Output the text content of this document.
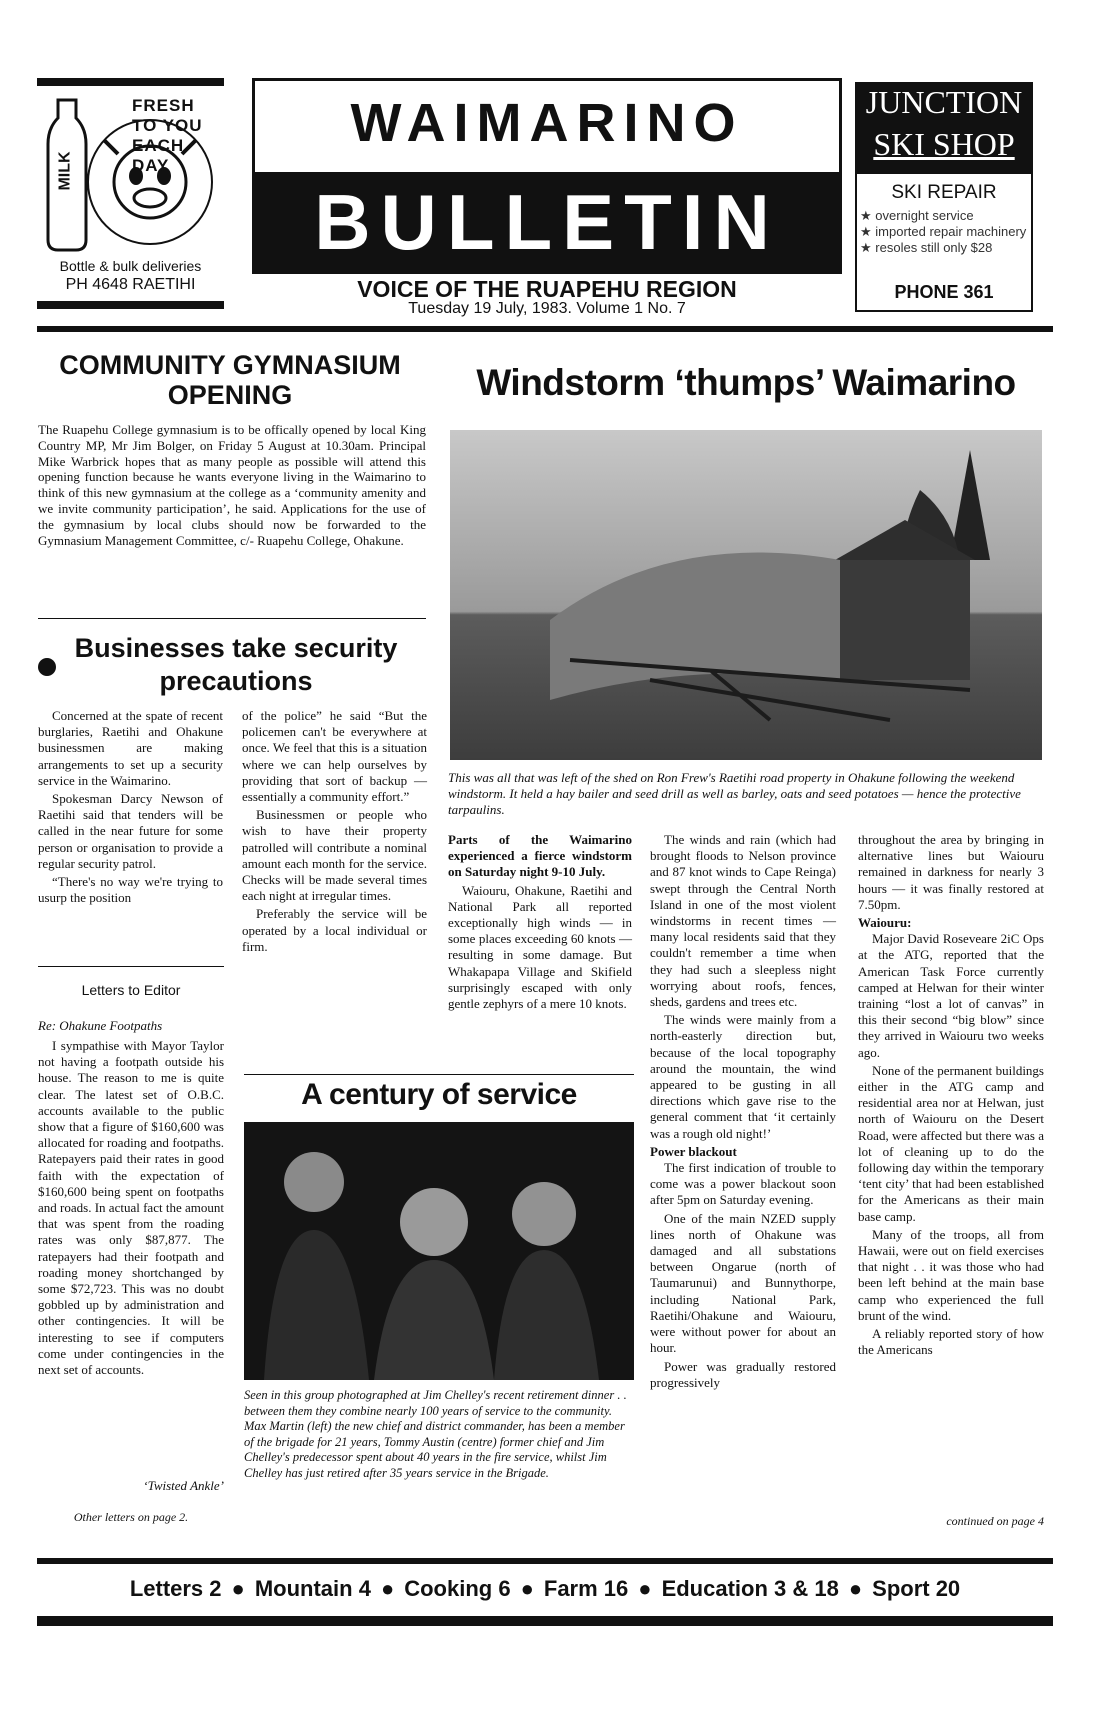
FRESH TO YOU EACH DAY
MILK
Bottle & bulk deliveries
PH 4648 RAETIHI
WAIMARINO
BULLETIN
VOICE OF THE RUAPEHU REGION
Tuesday 19 July, 1983. Volume 1 No. 7
JUNCTION
SKI SHOP
SKI REPAIR
★ overnight service
★ imported repair machinery
★ resoles still only $28
PHONE 361
COMMUNITY GYMNASIUM OPENING

The Ruapehu College gymnasium is to be offically opened by local King Country MP, Mr Jim Bolger, on Friday 5 August at 10.30am. Principal Mike Warbrick hopes that as many people as possible will attend this opening function because he wants everyone living in the Waimarino to think of this new gymnasium at the college as a ‘community amenity and we invite community participation’, he said. Applications for the use of the gymnasium by local clubs should now be forwarded to the Gymnasium Management Committee, c/- Ruapehu College, Ohakune.

Businesses take security precautions

Concerned at the spate of recent burglaries, Raetihi and Ohakune businessmen are making arrangements to set up a security service in the Waimarino.

Spokesman Darcy Newson of Raetihi said that tenders will be called in the near future for some person or organisation to provide a regular security patrol.

“There's no way we're trying to usurp the position

of the police” he said “But the policemen can't be everywhere at once. We feel that this is a situation where we can help ourselves by providing that sort of backup — essentially a community effort.”

Businessmen or people who wish to have their property patrolled will contribute a nominal amount each month for the service. Checks will be made several times each night at irregular times.

Preferably the service will be operated by a local individual or firm.

Letters to Editor
Re: Ohakune Footpaths

I sympathise with Mayor Taylor not having a footpath outside his house. The reason to me is quite clear. The latest set of O.B.C. accounts available to the public show that a figure of $160,600 was allocated for roading and footpaths. Ratepayers paid their rates in good faith with the expectation of $160,600 being spent on footpaths and roads. In actual fact the amount that was spent from the roading rates was only $87,877. The ratepayers had their footpath and roading money shortchanged by some $72,723. This was no doubt gobbled up by administration and other contingencies. It will be interesting to see if computers come under contingencies in the next set of accounts.

‘Twisted Ankle’
Other letters on page 2.
Windstorm ‘thumps’ Waimarino
This was all that was left of the shed on Ron Frew's Raetihi road property in Ohakune following the weekend windstorm. It held a hay bailer and seed drill as well as barley, oats and seed potatoes — hence the protective tarpaulins.

Parts of the Waimarino experienced a fierce windstorm on Saturday night 9-10 July.

Waiouru, Ohakune, Raetihi and National Park all reported exceptionally high winds — in some places exceeding 60 knots — resulting in some damage. But Whakapapa Village and Skifield surprisingly escaped with only gentle zephyrs of a mere 10 knots.

The winds and rain (which had brought floods to Nelson province and 87 knot winds to Cape Reinga) swept through the Central North Island in one of the most violent windstorms in recent times — many local residents said that they couldn't remember a time when they had such a sleepless night worrying about roofs, fences, sheds, gardens and trees etc.

The winds were mainly from a north-easterly direction but, because of the local topography around the mountain, the wind appeared to be gusting in all directions which gave rise to the general comment that ‘it certainly was a rough old night!’

Power blackout

The first indication of trouble to come was a power blackout soon after 5pm on Saturday evening.

One of the main NZED supply lines north of Ohakune was damaged and all substations between Ongarue (north of Taumarunui) and Bunnythorpe, including National Park, Raetihi/Ohakune and Waiouru, were without power for about an hour.

Power was gradually restored progressively

throughout the area by bringing in alternative lines but Waiouru remained in darkness for nearly 3 hours — it was finally restored at 7.50pm.

Waiouru:

Major David Roseveare 2iC Ops at the ATG, reported that the American Task Force currently camped at Helwan for their winter training “lost a lot of canvas” in this their second “big blow” since they arrived in Waiouru two weeks ago.

None of the permanent buildings either in the ATG camp and residential area nor at Helwan, just north of Waiouru on the Desert Road, were affected but there was a lot of cleaning up to do the following day within the temporary ‘tent city’ that had been established for the Americans as their main base camp.

Many of the troops, all from Hawaii, were out on field exercises that night . . it was those who had been left behind at the main base camp who experienced the full brunt of the wind.

A reliably reported story of how the Americans

continued on page 4
A century of service
Seen in this group photographed at Jim Chelley's recent retirement dinner . . between them they combine nearly 100 years of service to the community. Max Martin (left) the new chief and district commander, has been a member of the brigade for 21 years, Tommy Austin (centre) former chief and Jim Chelley's predecessor spent about 40 years in the fire service, whilst Jim Chelley has just retired after 35 years service in the Brigade.
Letters 2 ● Mountain 4 ● Cooking 6 ● Farm 16 ● Education 3 & 18 ● Sport 20
